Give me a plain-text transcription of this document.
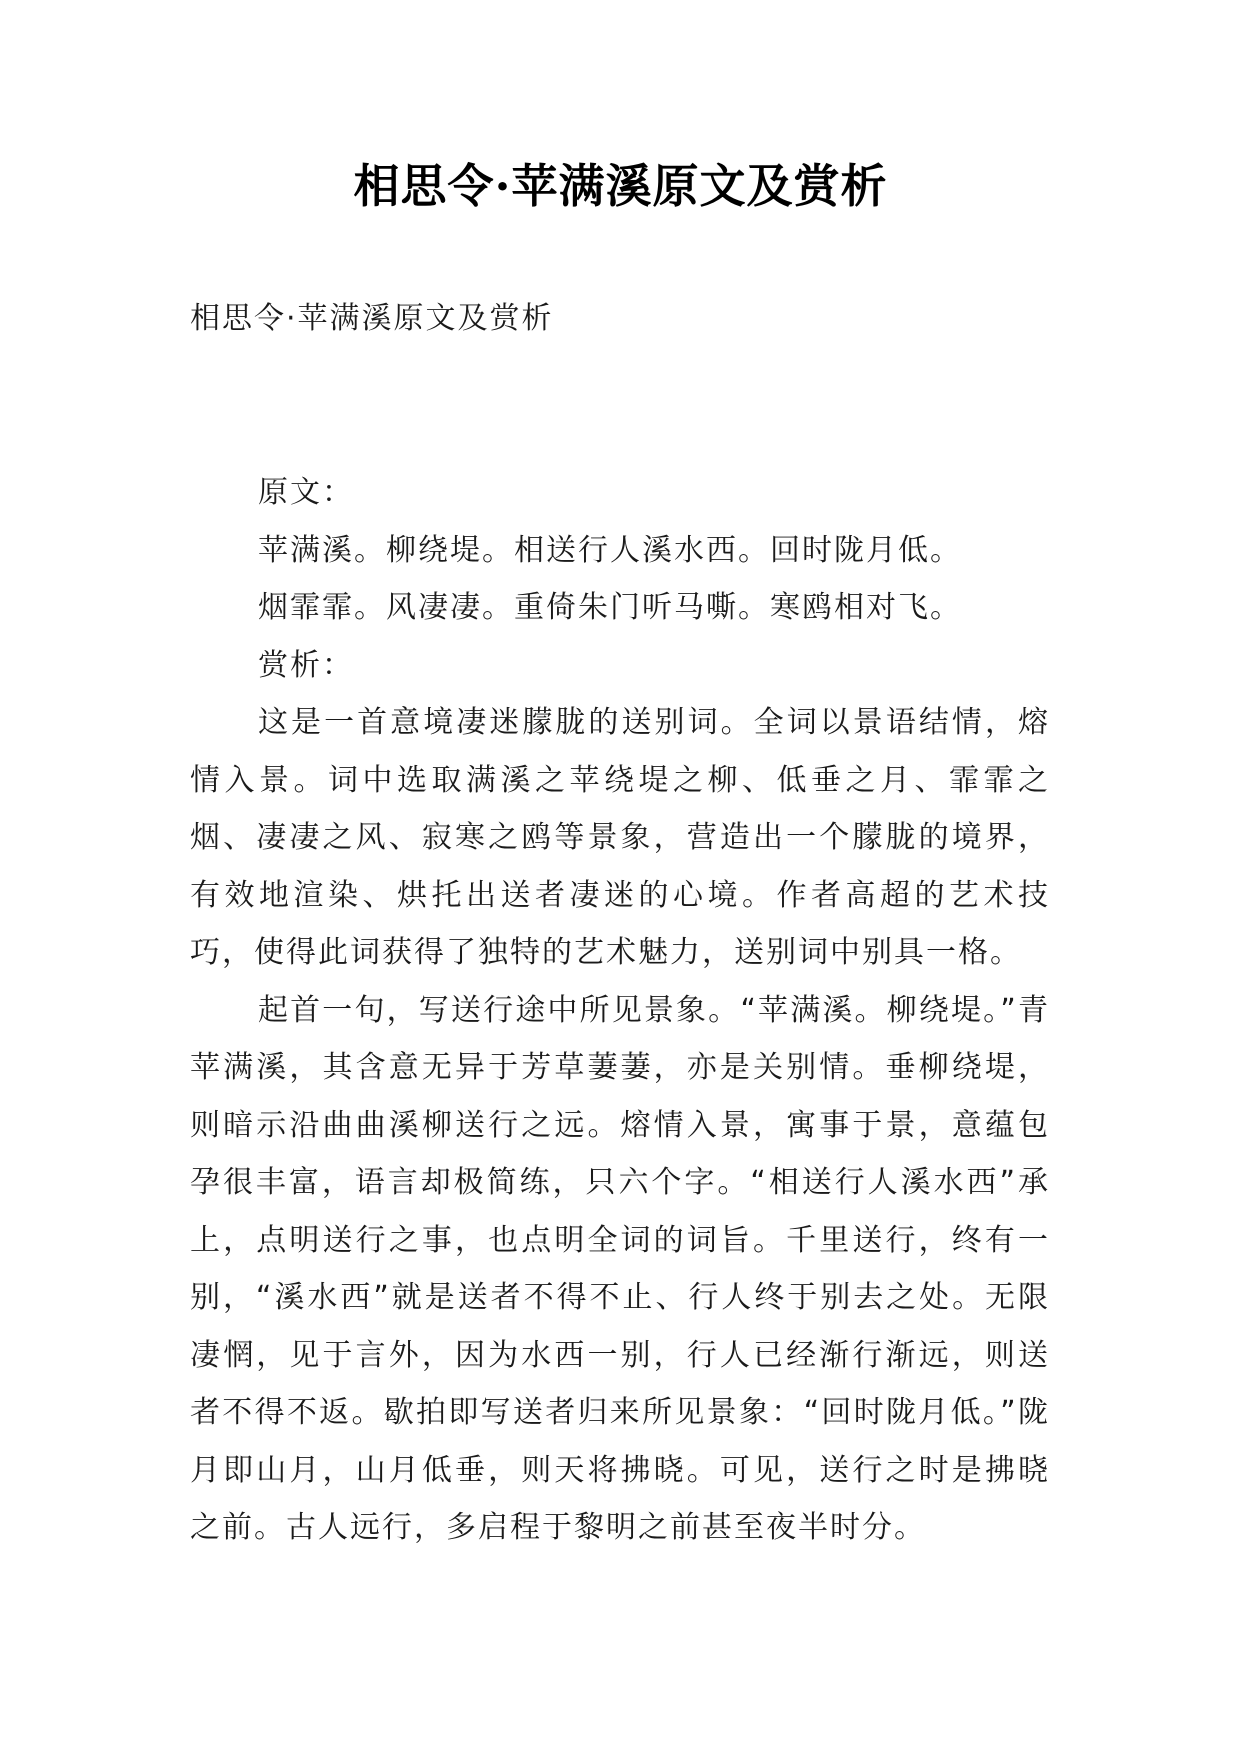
相思令·苹满溪原文及赏析
相思令·苹满溪原文及赏析

原文：

苹满溪。柳绕堤。相送行人溪水西。回时陇月低。

烟霏霏。风凄凄。重倚朱门听马嘶。寒鸥相对飞。

赏析：

这是一首意境凄迷朦胧的送别词。全词以景语结情，熔情入景。词中选取满溪之苹绕堤之柳、低垂之月、霏霏之烟、凄凄之风、寂寒之鸥等景象，营造出一个朦胧的境界，有效地渲染、烘托出送者凄迷的心境。作者高超的艺术技巧，使得此词获得了独特的艺术魅力，送别词中别具一格。

起首一句，写送行途中所见景象。“苹满溪。柳绕堤。”青苹满溪，其含意无异于芳草萋萋，亦是关别情。垂柳绕堤，则暗示沿曲曲溪柳送行之远。熔情入景，寓事于景，意蕴包孕很丰富，语言却极简练，只六个字。“相送行人溪水西”承上，点明送行之事，也点明全词的词旨。千里送行，终有一别，“溪水西”就是送者不得不止、行人终于别去之处。无限凄惘，见于言外，因为水西一别，行人已经渐行渐远，则送者不得不返。歇拍即写送者归来所见景象：“回时陇月低。”陇月即山月，山月低垂，则天将拂晓。可见，送行之时是拂晓之前。古人远行，多启程于黎明之前甚至夜半时分。
